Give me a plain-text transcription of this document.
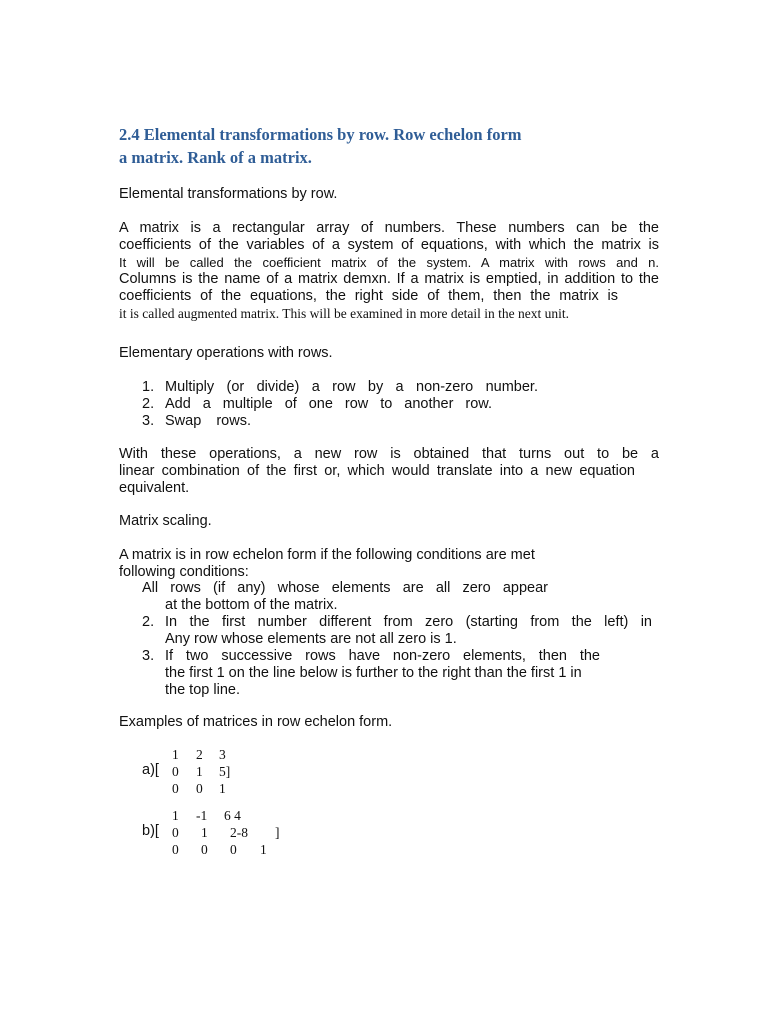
2.4 Elemental transformations by row. Row echelon form
a matrix. Rank of a matrix.

Elemental transformations by row.

A matrix is a rectangular array of numbers. These numbers can be the
coefficients of the variables of a system of equations, with which the matrix is
It will be called the coefficient matrix of the system. A matrix with rows and n.
Columns is the name of a matrix demxn. If a matrix is emptied, in addition to the
coefficients of the equations, the right side of them, then the matrix is
it is called augmented matrix. This will be examined in more detail in the next unit.

Elementary operations with rows.

1. Multiply (or divide) a row by a non-zero number.
2. Add a multiple of one row to another row.
3. Swap rows.
With these operations, a new row is obtained that turns out to be a
linear combination of the first or, which would translate into a new equation
equivalent.

Matrix scaling.

A matrix is in row echelon form if the following conditions are met
following conditions:
All rows (if any) whose elements are all zero appear
at the bottom of the matrix.
2. In the first number different from zero (starting from the left) in
Any row whose elements are not all zero is 1.
3. If two successive rows have non-zero elements, then the
the first 1 on the line below is further to the right than the first 1 in
the top line.

Examples of matrices in row echelon form.

a)[
1 2 3
0 1 5]
0 0 1
b)[
1 -1 6 4
0 1 2-8 ]
0 0 0 1
